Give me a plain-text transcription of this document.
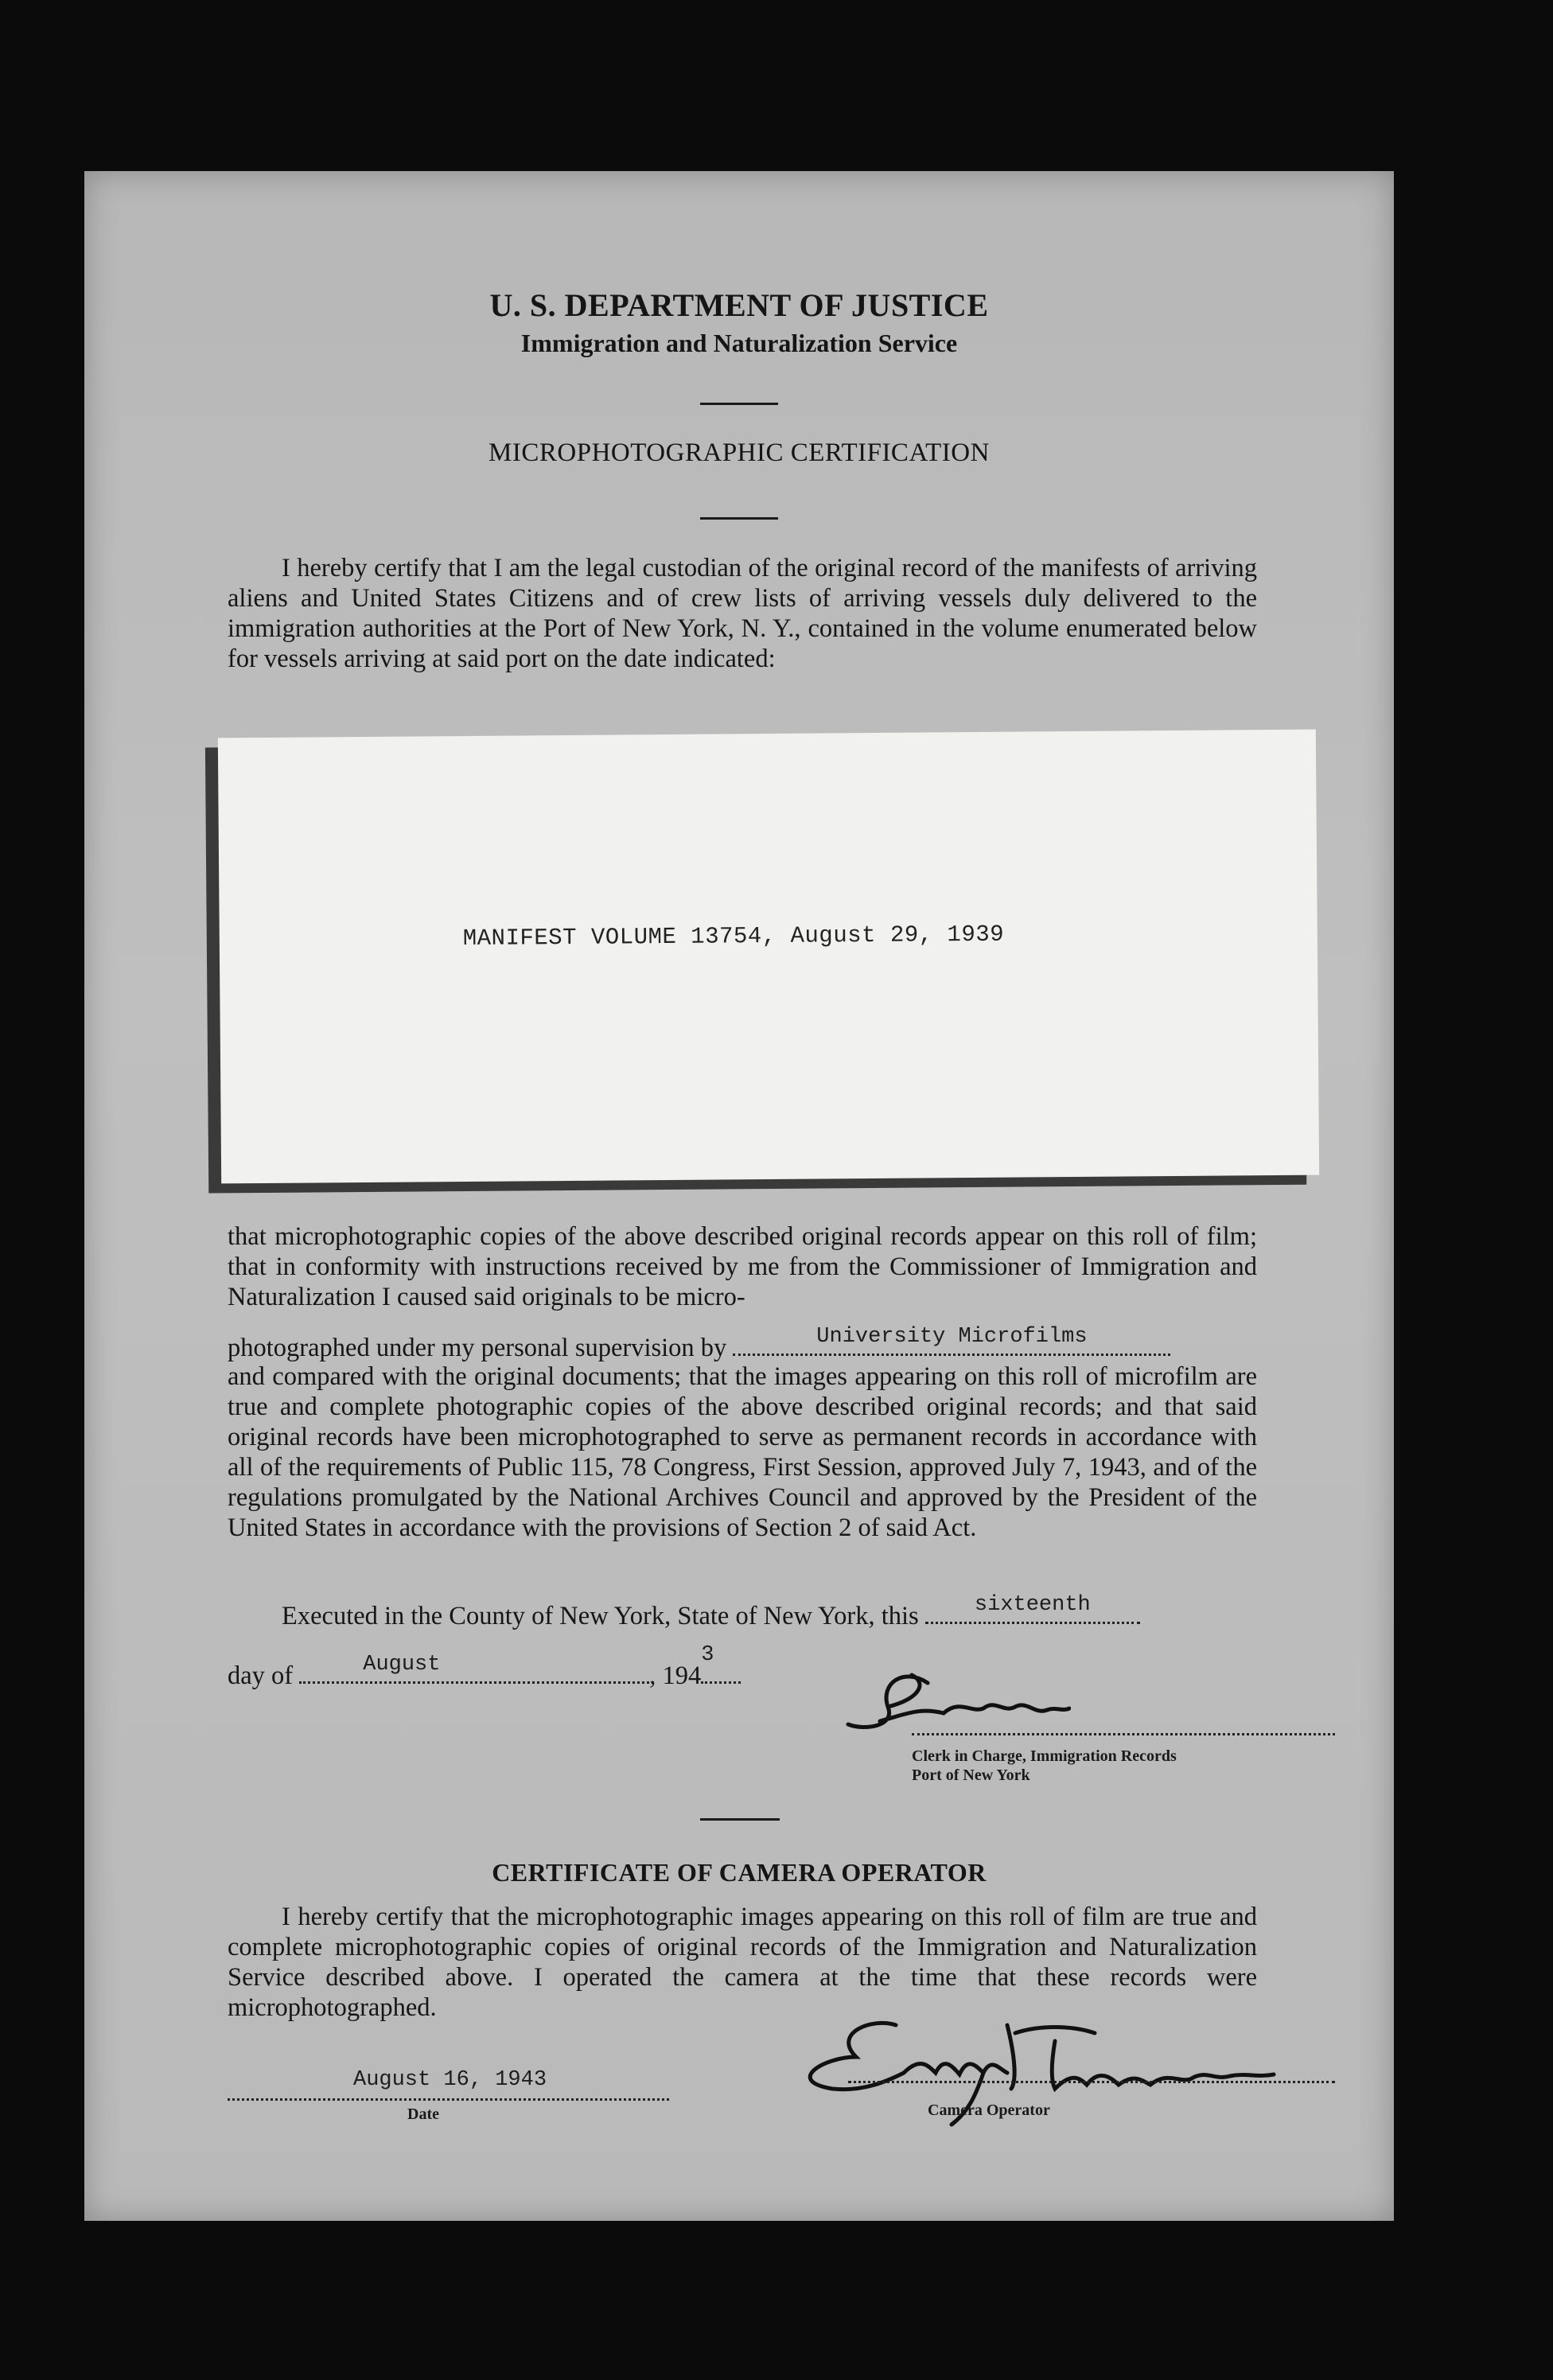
U. S. DEPARTMENT OF JUSTICE
Immigration and Naturalization Service
MICROPHOTOGRAPHIC CERTIFICATION
I hereby certify that I am the legal custodian of the original record of the manifests of arriving aliens and United States Citizens and of crew lists of arriving vessels duly delivered to the immigration authorities at the Port of New York, N. Y., contained in the volume enumerated below for vessels arriving at said port on the date indicated:
MANIFEST VOLUME 13754, August 29, 1939
that microphotographic copies of the above described original records appear on this roll of film; that in conformity with instructions received by me from the Commissioner of Immigration and Naturalization I caused said originals to be micro-
photographed under my personal supervision by	University Microfilms
and compared with the original documents; that the images appearing on this roll of microfilm are true and complete photographic copies of the above described original records; and that said original records have been microphotographed to serve as permanent records in accordance with all of the requirements of Public 115, 78 Congress, First Session, approved July 7, 1943, and of the regulations promulgated by the National Archives Council and approved by the President of the United States in accordance with the provisions of Section 2 of said Act.
Executed in the County of New York, State of New York, this	sixteenth
day of	August	, 194
3
Clerk in Charge, Immigration Records
Port of New York
CERTIFICATE OF CAMERA OPERATOR
I hereby certify that the microphotographic images appearing on this roll of film are true and complete microphotographic copies of original records of the Immigration and Naturalization Service described above. I operated the camera at the time that these records were microphotographed.
August 16, 1943
Date	Camera Operator
